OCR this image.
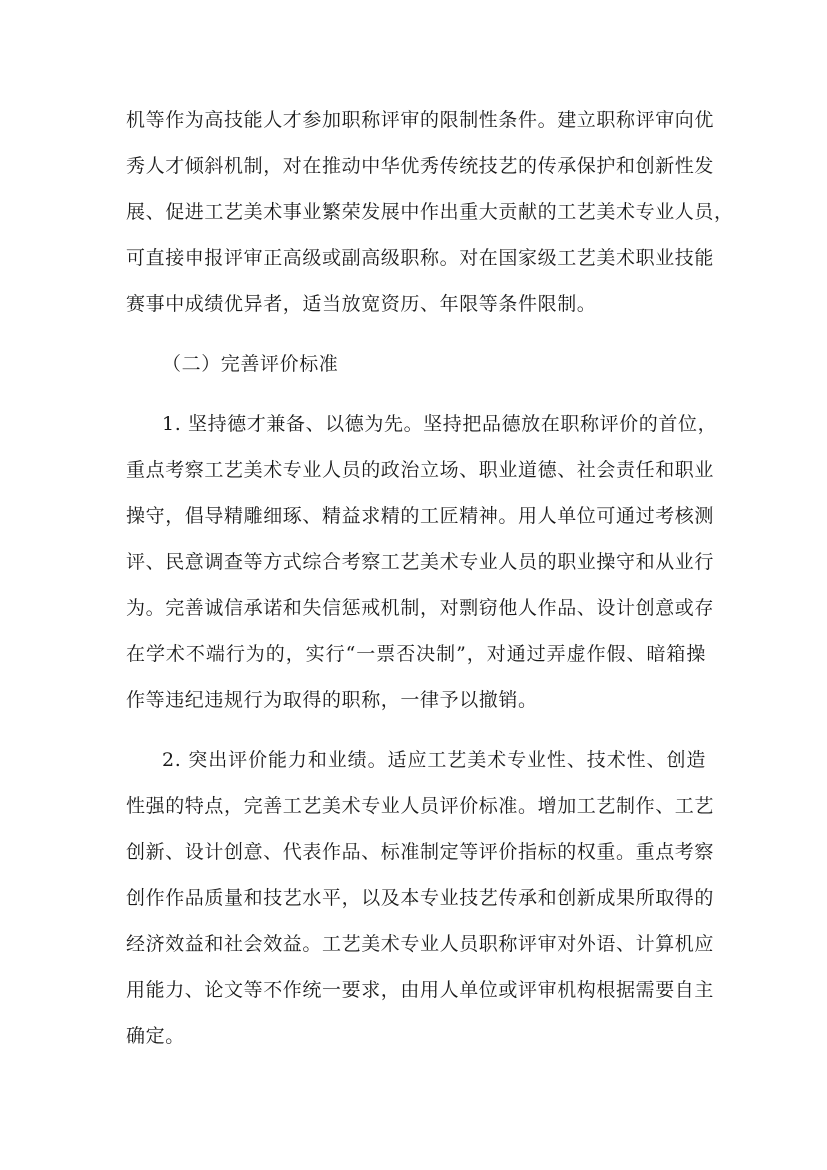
机等作为高技能人才参加职称评审的限制性条件。建立职称评审向优
秀人才倾斜机制，对在推动中华优秀传统技艺的传承保护和创新性发
展、促进工艺美术事业繁荣发展中作出重大贡献的工艺美术专业人员，
可直接申报评审正高级或副高级职称。对在国家级工艺美术职业技能
赛事中成绩优异者，适当放宽资历、年限等条件限制。
（二）完善评价标准
1. 坚持德才兼备、以德为先。坚持把品德放在职称评价的首位，
重点考察工艺美术专业人员的政治立场、职业道德、社会责任和职业
操守，倡导精雕细琢、精益求精的工匠精神。用人单位可通过考核测
评、民意调查等方式综合考察工艺美术专业人员的职业操守和从业行
为。完善诚信承诺和失信惩戒机制，对剽窃他人作品、设计创意或存
在学术不端行为的，实行“一票否决制”，对通过弄虚作假、暗箱操
作等违纪违规行为取得的职称，一律予以撤销。
2. 突出评价能力和业绩。适应工艺美术专业性、技术性、创造
性强的特点，完善工艺美术专业人员评价标准。增加工艺制作、工艺
创新、设计创意、代表作品、标准制定等评价指标的权重。重点考察
创作作品质量和技艺水平，以及本专业技艺传承和创新成果所取得的
经济效益和社会效益。工艺美术专业人员职称评审对外语、计算机应
用能力、论文等不作统一要求，由用人单位或评审机构根据需要自主
确定。
